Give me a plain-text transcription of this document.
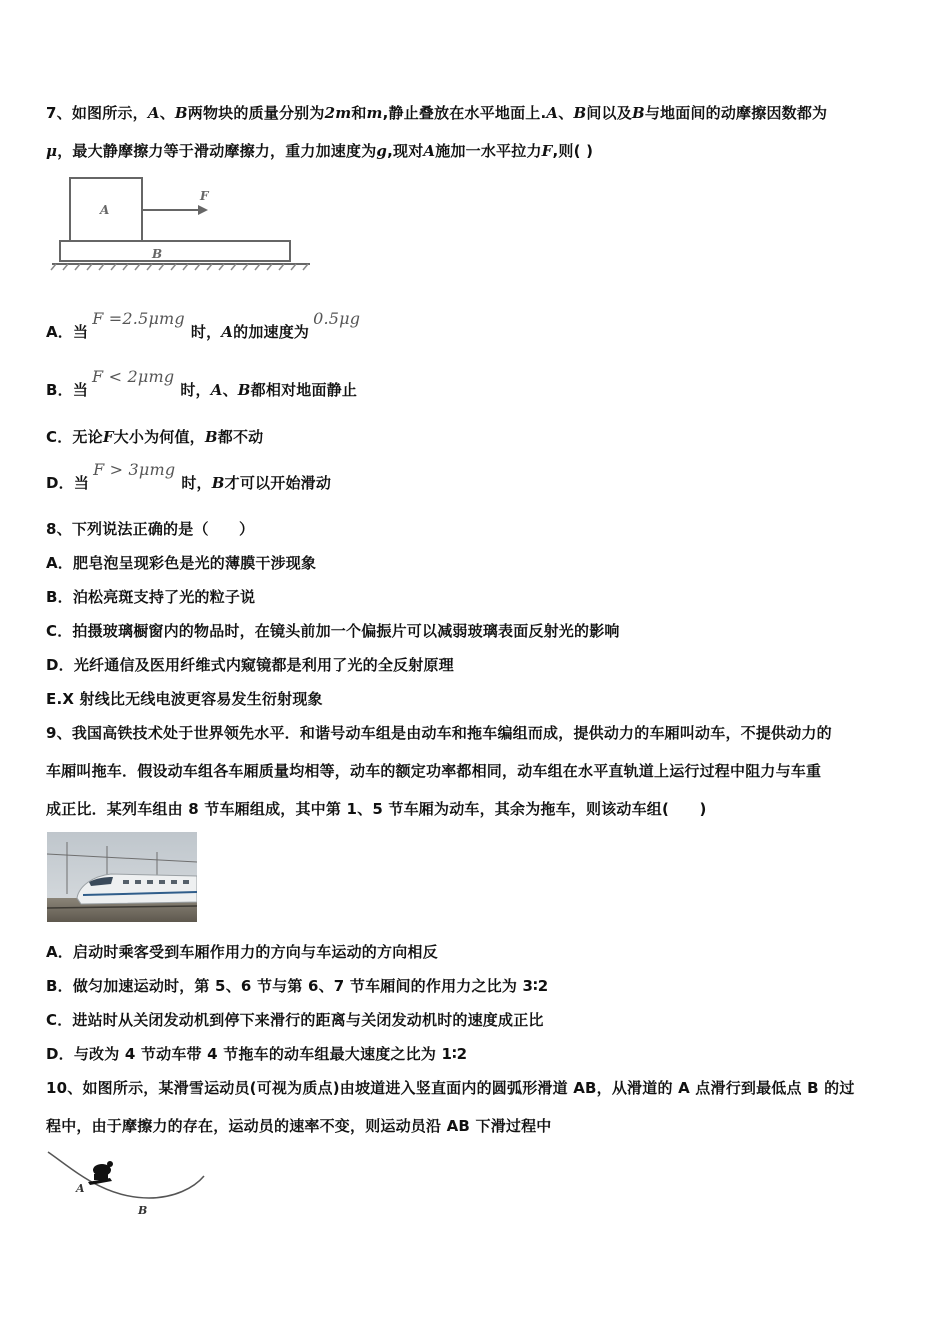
7、如图所示，A、B两物块的质量分别为2m和m,静止叠放在水平地面上.A、B间以及B与地面间的动摩擦因数都为
μ，最大静摩擦力等于滑动摩擦力，重力加速度为g,现对A施加一水平拉力F,则( )
A
B
F
A．当F =2.5μmg时，A的加速度为0.5μg
B．当F < 2μmg时，A、B都相对地面静止
C．无论F大小为何值，B都不动
D．当F > 3μmg时，B才可以开始滑动
8、下列说法正确的是（　　）
A．肥皂泡呈现彩色是光的薄膜干涉现象
B．泊松亮斑支持了光的粒子说
C．拍摄玻璃橱窗内的物品时，在镜头前加一个偏振片可以减弱玻璃表面反射光的影响
D．光纤通信及医用纤维式内窥镜都是利用了光的全反射原理
E.X 射线比无线电波更容易发生衍射现象
9、我国高铁技术处于世界领先水平．和谐号动车组是由动车和拖车编组而成，提供动力的车厢叫动车，不提供动力的
车厢叫拖车．假设动车组各车厢质量均相等，动车的额定功率都相同，动车组在水平直轨道上运行过程中阻力与车重
成正比．某列车组由 8 节车厢组成，其中第 1、5 节车厢为动车，其余为拖车，则该动车组(　　)
A．启动时乘客受到车厢作用力的方向与车运动的方向相反
B．做匀加速运动时，第 5、6 节与第 6、7 节车厢间的作用力之比为 3∶2
C．进站时从关闭发动机到停下来滑行的距离与关闭发动机时的速度成正比
D．与改为 4 节动车带 4 节拖车的动车组最大速度之比为 1∶2
10、如图所示，某滑雪运动员(可视为质点)由坡道进入竖直面内的圆弧形滑道 AB，从滑道的 A 点滑行到最低点 B 的过
程中，由于摩擦力的存在，运动员的速率不变，则运动员沿 AB 下滑过程中
A
B
